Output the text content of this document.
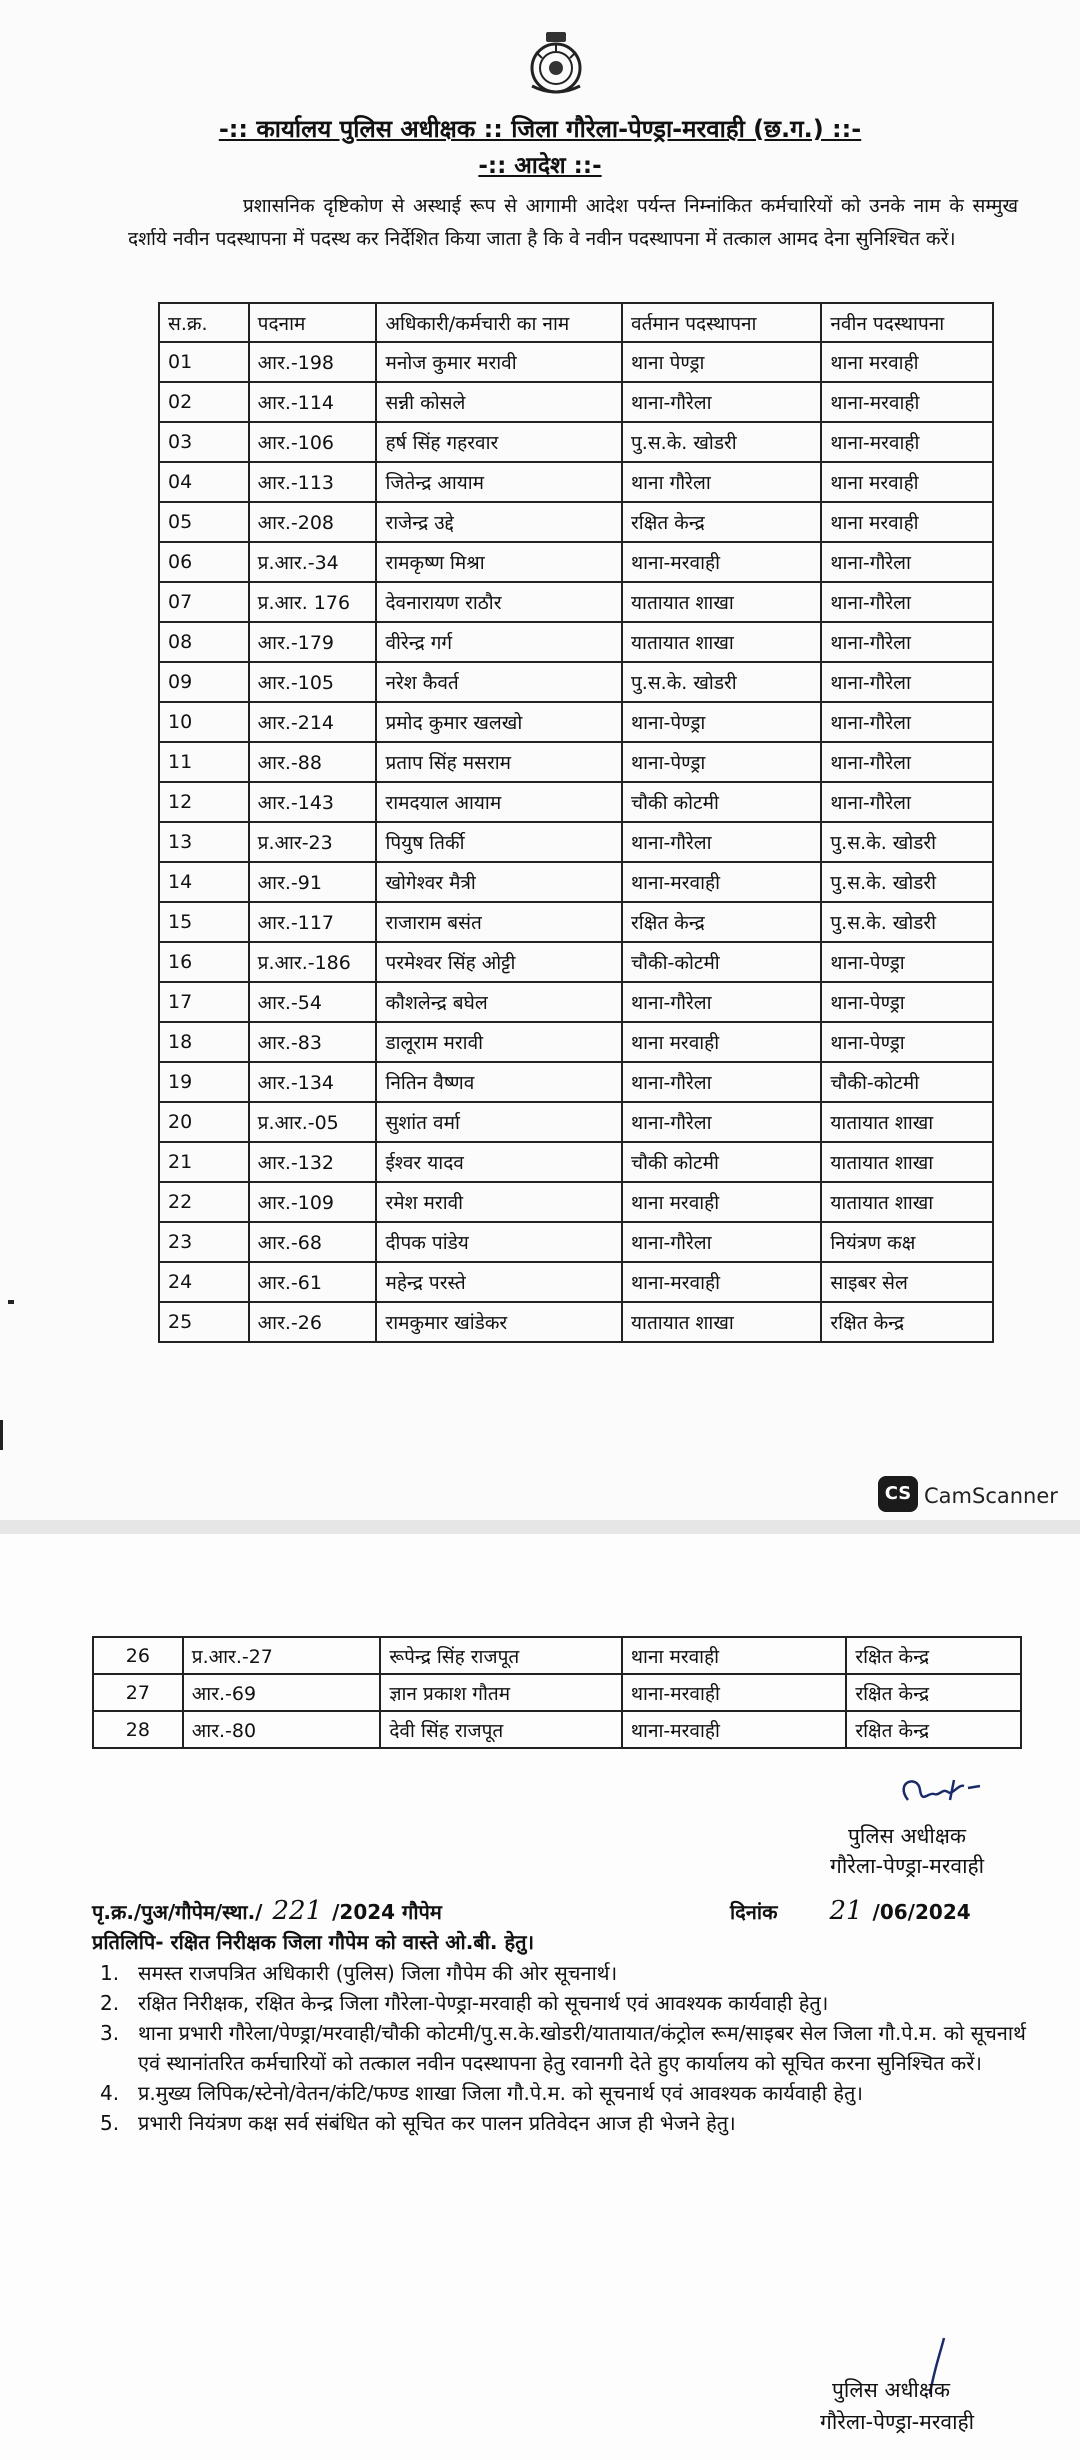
-:: कार्यालय पुलिस अधीक्षक :: जिला गौरेला-पेण्ड्रा-मरवाही (छ.ग.) ::-
-:: आदेश ::-
प्रशासनिक दृष्टिकोण से अस्थाई रूप से आगामी आदेश पर्यन्त निम्नांकित कर्मचारियों को उनके नाम के सम्मुख दर्शाये नवीन पदस्थापना में पदस्थ कर निर्देशित किया जाता है कि वे नवीन पदस्थापना में तत्काल आमद देना सुनिश्चित करें।
स.क्र.	पदनाम	अधिकारी/कर्मचारी का नाम	वर्तमान पदस्थापना	नवीन पदस्थापना
01	आर.-198	मनोज कुमार मरावी	थाना पेण्ड्रा	थाना मरवाही
02	आर.-114	सन्नी कोसले	थाना-गौरेला	थाना-मरवाही
03	आर.-106	हर्ष सिंह गहरवार	पु.स.के. खोडरी	थाना-मरवाही
04	आर.-113	जितेन्द्र आयाम	थाना गौरेला	थाना मरवाही
05	आर.-208	राजेन्द्र उद्दे	रक्षित केन्द्र	थाना मरवाही
06	प्र.आर.-34	रामकृष्ण मिश्रा	थाना-मरवाही	थाना-गौरेला
07	प्र.आर. 176	देवनारायण राठौर	यातायात शाखा	थाना-गौरेला
08	आर.-179	वीरेन्द्र गर्ग	यातायात शाखा	थाना-गौरेला
09	आर.-105	नरेश कैवर्त	पु.स.के. खोडरी	थाना-गौरेला
10	आर.-214	प्रमोद कुमार खलखो	थाना-पेण्ड्रा	थाना-गौरेला
11	आर.-88	प्रताप सिंह मसराम	थाना-पेण्ड्रा	थाना-गौरेला
12	आर.-143	रामदयाल आयाम	चौकी कोटमी	थाना-गौरेला
13	प्र.आर-23	पियुष तिर्की	थाना-गौरेला	पु.स.के. खोडरी
14	आर.-91	खोगेश्वर मैत्री	थाना-मरवाही	पु.स.के. खोडरी
15	आर.-117	राजाराम बसंत	रक्षित केन्द्र	पु.स.के. खोडरी
16	प्र.आर.-186	परमेश्वर सिंह ओट्टी	चौकी-कोटमी	थाना-पेण्ड्रा
17	आर.-54	कौशलेन्द्र बघेल	थाना-गौरेला	थाना-पेण्ड्रा
18	आर.-83	डालूराम मरावी	थाना मरवाही	थाना-पेण्ड्रा
19	आर.-134	नितिन वैष्णव	थाना-गौरेला	चौकी-कोटमी
20	प्र.आर.-05	सुशांत वर्मा	थाना-गौरेला	यातायात शाखा
21	आर.-132	ईश्वर यादव	चौकी कोटमी	यातायात शाखा
22	आर.-109	रमेश मरावी	थाना मरवाही	यातायात शाखा
23	आर.-68	दीपक पांडेय	थाना-गौरेला	नियंत्रण कक्ष
24	आर.-61	महेन्द्र परस्ते	थाना-मरवाही	साइबर सेल
25	आर.-26	रामकुमार खांडेकर	यातायात शाखा	रक्षित केन्द्र
CS CamScanner
26	प्र.आर.-27	रूपेन्द्र सिंह राजपूत	थाना मरवाही	रक्षित केन्द्र
27	आर.-69	ज्ञान प्रकाश गौतम	थाना-मरवाही	रक्षित केन्द्र
28	आर.-80	देवी सिंह राजपूत	थाना-मरवाही	रक्षित केन्द्र
पुलिस अधीक्षक
गौरेला-पेण्ड्रा-मरवाही
पृ.क्र./पुअ/गौपेम/स्था./ 221 /2024 गौपेम	दिनांक 21 /06/2024
प्रतिलिपि- रक्षित निरीक्षक जिला गौपेम को वास्ते ओ.बी. हेतु।
1. समस्त राजपत्रित अधिकारी (पुलिस) जिला गौपेम की ओर सूचनार्थ।
2. रक्षित निरीक्षक, रक्षित केन्द्र जिला गौरेला-पेण्ड्रा-मरवाही को सूचनार्थ एवं आवश्यक कार्यवाही हेतु।
3. थाना प्रभारी गौरेला/पेण्ड्रा/मरवाही/चौकी कोटमी/पु.स.के.खोडरी/यातायात/कंट्रोल रूम/साइबर सेल जिला गौ.पे.म. को सूचनार्थ एवं स्थानांतरित कर्मचारियों को तत्काल नवीन पदस्थापना हेतु रवानगी देते हुए कार्यालय को सूचित करना सुनिश्चित करें।
4. प्र.मुख्य लिपिक/स्टेनो/वेतन/कंटि/फण्ड शाखा जिला गौ.पे.म. को सूचनार्थ एवं आवश्यक कार्यवाही हेतु।
5. प्रभारी नियंत्रण कक्ष सर्व संबंधित को सूचित कर पालन प्रतिवेदन आज ही भेजने हेतु।
पुलिस अधीक्षक
गौरेला-पेण्ड्रा-मरवाही
